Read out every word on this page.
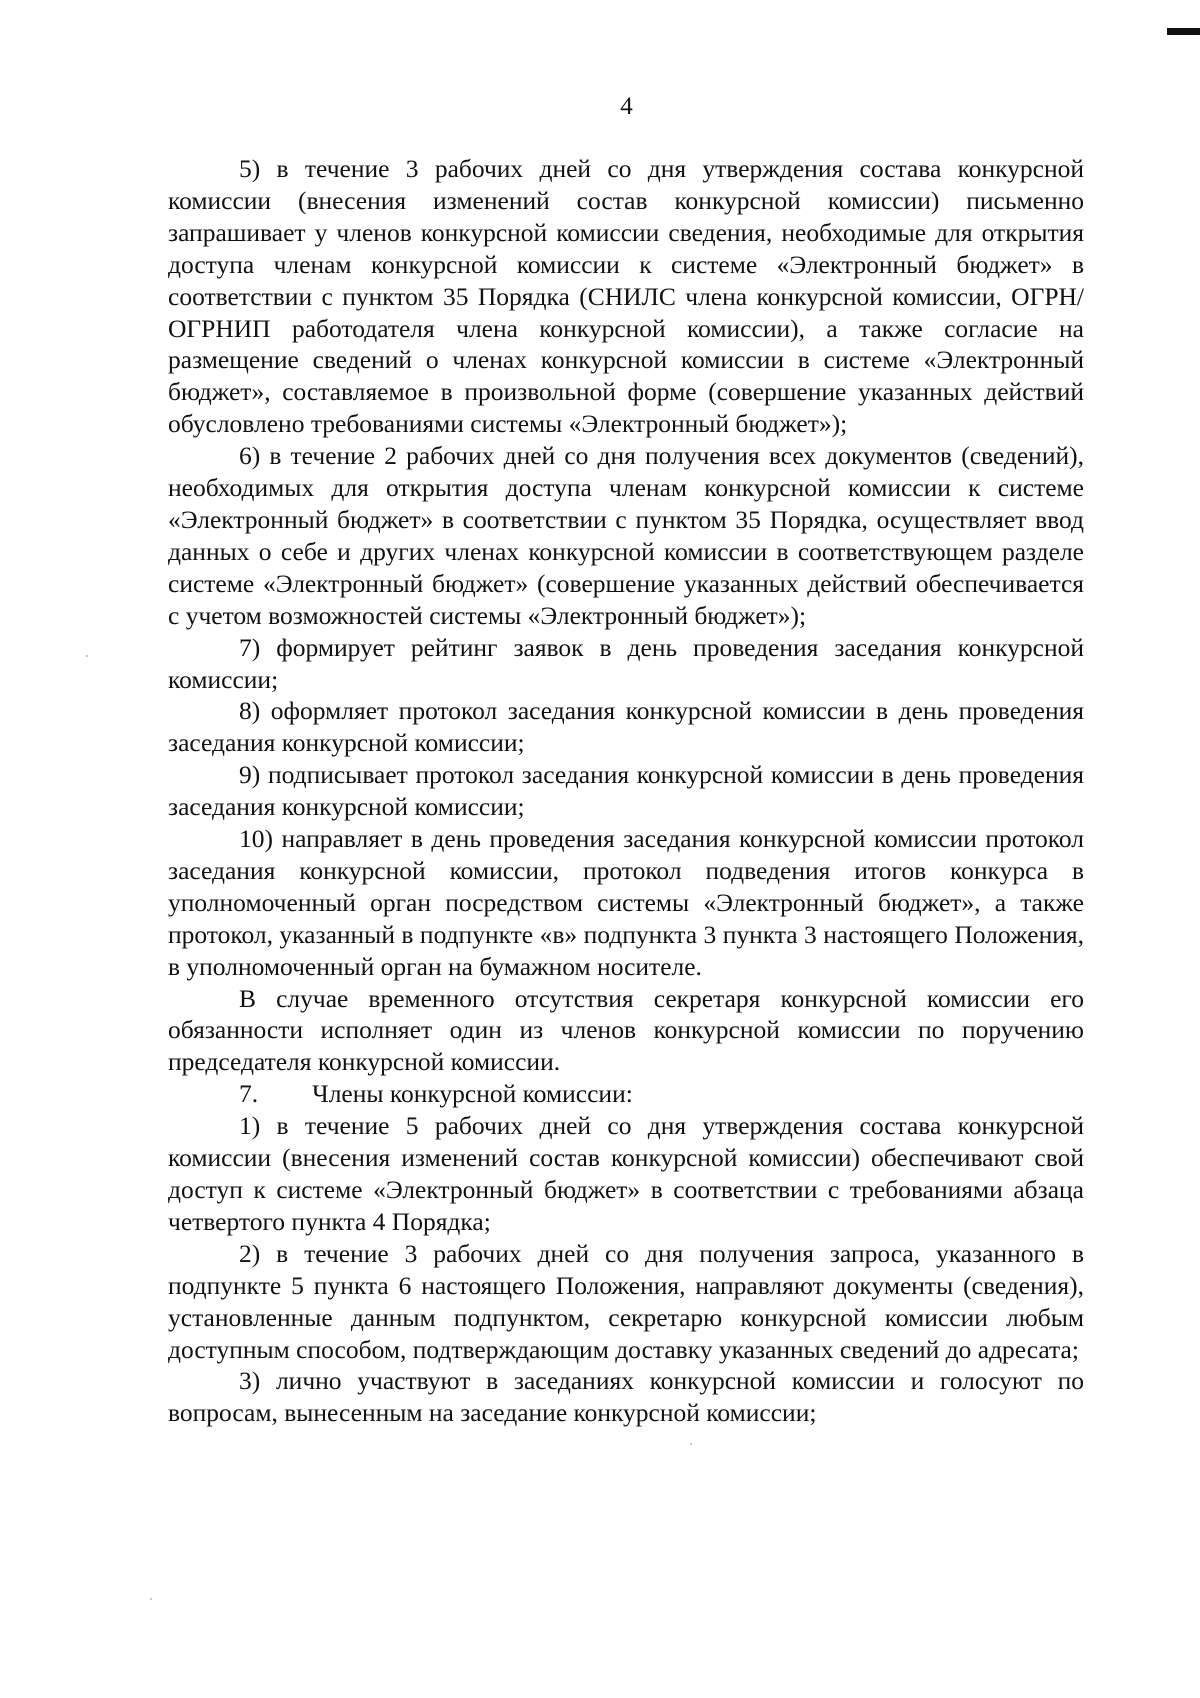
4

5) в течение 3 рабочих дней со дня утверждения состава конкурсной комиссии (внесения изменений состав конкурсной комиссии) письменно запрашивает у членов конкурсной комиссии сведения, необходимые для открытия доступа членам конкурсной комиссии к системе «Электронный бюджет» в соответствии с пунктом 35 Порядка (СНИЛС члена конкурсной комиссии, ОГРН/ОГРНИП работодателя члена конкурсной комиссии), а также согласие на размещение сведений о членах конкурсной комиссии в системе «Электронный бюджет», составляемое в произвольной форме (совершение указанных действий обусловлено требованиями системы «Электронный бюджет»);

6) в течение 2 рабочих дней со дня получения всех документов (сведений), необходимых для открытия доступа членам конкурсной комиссии к системе «Электронный бюджет» в соответствии с пунктом 35 Порядка, осуществляет ввод данных о себе и других членах конкурсной комиссии в соответствующем разделе системе «Электронный бюджет» (совершение указанных действий обеспечивается с учетом возможностей системы «Электронный бюджет»);

7) формирует рейтинг заявок в день проведения заседания конкурсной комиссии;

8) оформляет протокол заседания конкурсной комиссии в день проведения заседания конкурсной комиссии;

9) подписывает протокол заседания конкурсной комиссии в день проведения заседания конкурсной комиссии;

10) направляет в день проведения заседания конкурсной комиссии протокол заседания конкурсной комиссии, протокол подведения итогов конкурса в уполномоченный орган посредством системы «Электронный бюджет», а также протокол, указанный в подпункте «в» подпункта 3 пункта 3 настоящего Положения, в уполномоченный орган на бумажном носителе.

В случае временного отсутствия секретаря конкурсной комиссии его обязанности исполняет один из членов конкурсной комиссии по поручению председателя конкурсной комиссии.

7. Члены конкурсной комиссии:

1) в течение 5 рабочих дней со дня утверждения состава конкурсной комиссии (внесения изменений состав конкурсной комиссии) обеспечивают свой доступ к системе «Электронный бюджет» в соответствии с требованиями абзаца четвертого пункта 4 Порядка;

2) в течение 3 рабочих дней со дня получения запроса, указанного в подпункте 5 пункта 6 настоящего Положения, направляют документы (сведения), установленные данным подпунктом, секретарю конкурсной комиссии любым доступным способом, подтверждающим доставку указанных сведений до адресата;

3) лично участвуют в заседаниях конкурсной комиссии и голосуют по вопросам, вынесенным на заседание конкурсной комиссии;
